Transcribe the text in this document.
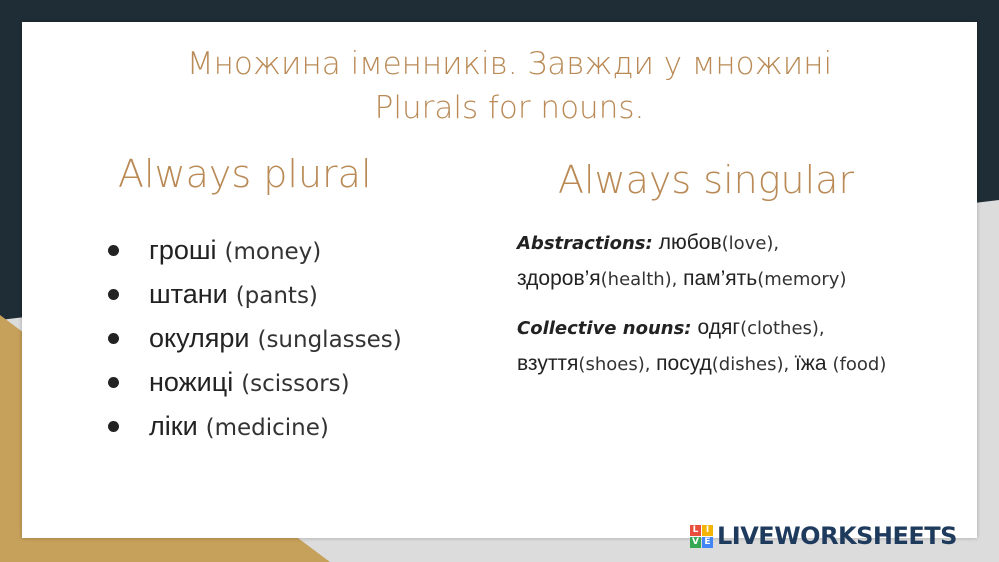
Множина іменників. Завжди у множині
Plurals for nouns.
Always plural	Always singular
гроші (money)
штани (pants)
окуляри (sunglasses)
ножиці (scissors)
ліки (medicine)
Abstractions: любов(love), здоров’я(health), пам’ять(memory)
Collective nouns: одяг(clothes), взуття(shoes), посуд(dishes), їжа (food)
L I
V E LIVEWORKSHEETS
